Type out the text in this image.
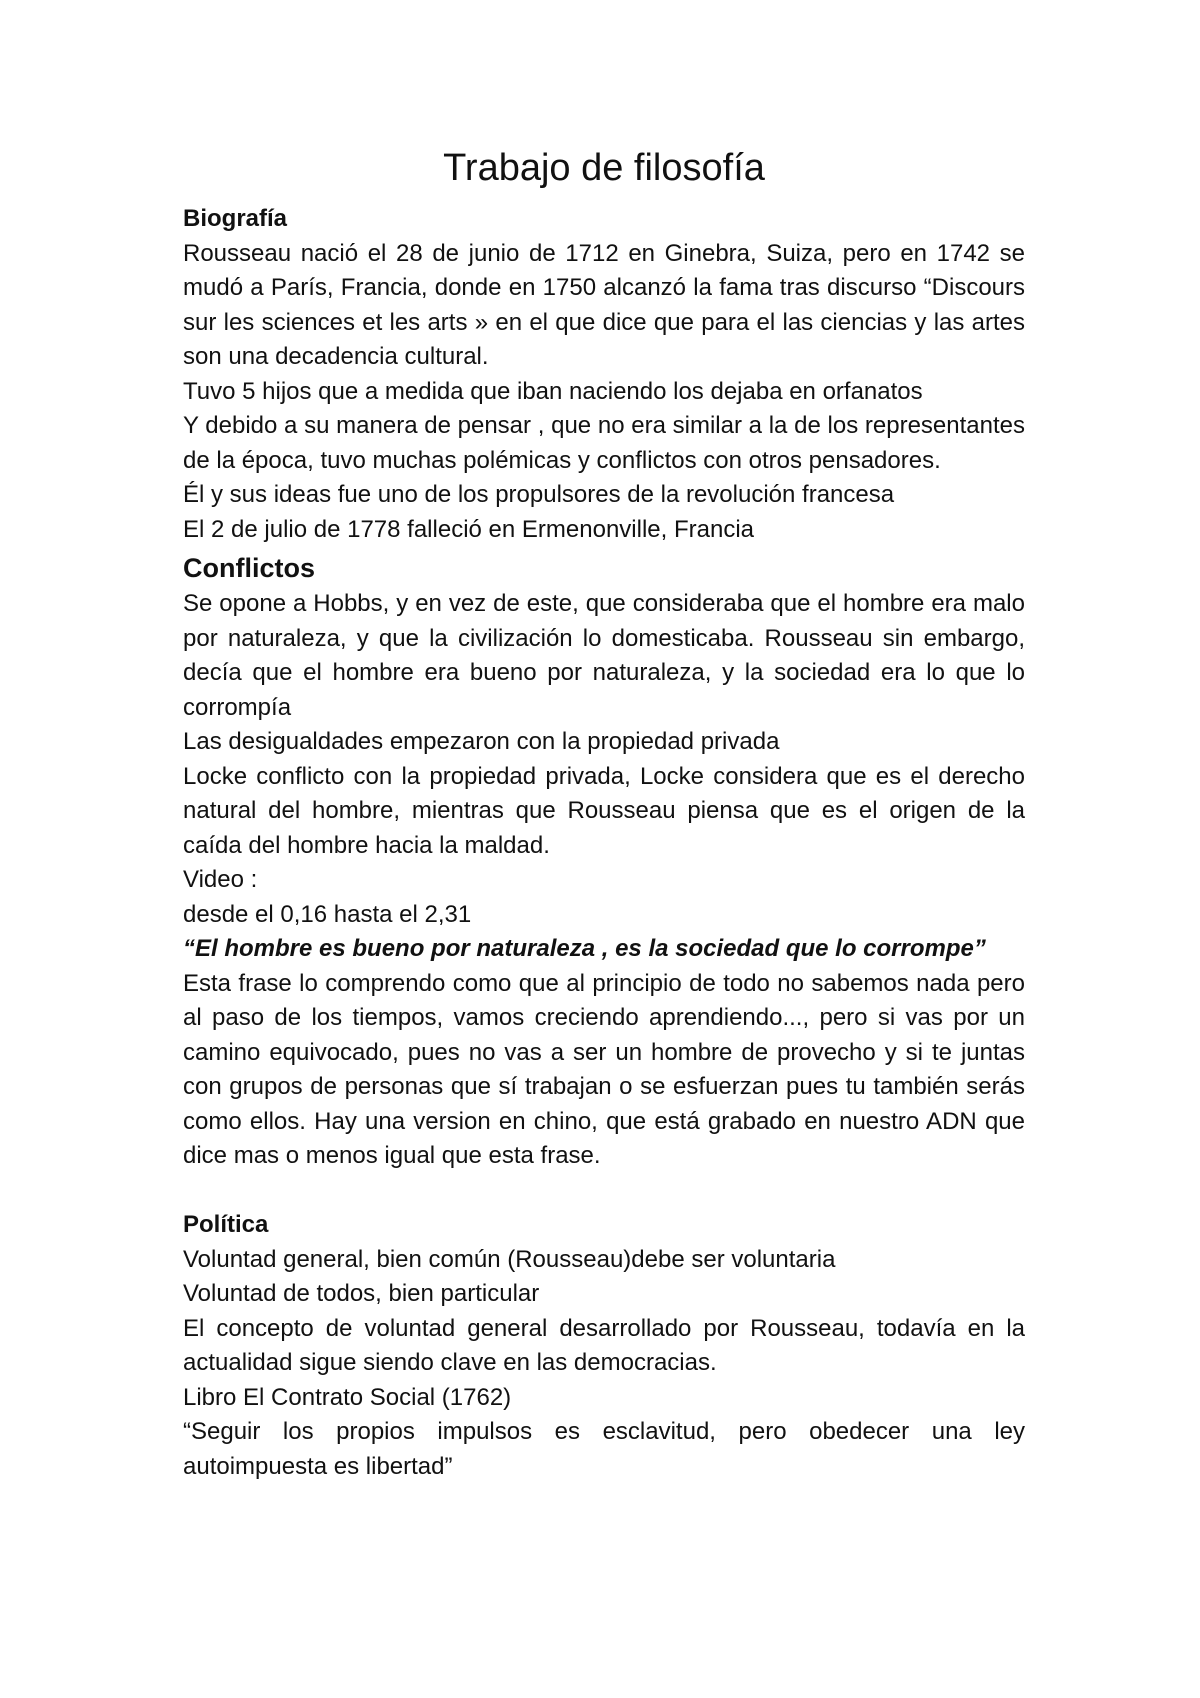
Trabajo de filosofía

Biografía

Rousseau nació el 28 de junio de 1712 en Ginebra, Suiza, pero en 1742 se mudó a París, Francia, donde en 1750 alcanzó la fama tras discurso “Discours sur les sciences et les arts » en el que dice que para el las ciencias y las artes son una decadencia cultural.

Tuvo 5 hijos que a medida que iban naciendo los dejaba en orfanatos

Y debido a su manera de pensar , que no era similar a la de los representantes de la época, tuvo muchas polémicas y conflictos con otros pensadores.

Él y sus ideas fue uno de los propulsores de la revolución francesa

El 2 de julio de 1778 falleció en Ermenonville, Francia

Conflictos

Se opone a Hobbs, y en vez de este, que consideraba que el hombre era malo por naturaleza, y que la civilización lo domesticaba. Rousseau sin embargo, decía que el hombre era bueno por naturaleza, y la sociedad era lo que lo corrompía

Las desigualdades empezaron con la propiedad privada

Locke conflicto con la propiedad privada, Locke considera que es el derecho natural del hombre, mientras que Rousseau piensa que es el origen de la caída del hombre hacia la maldad.

Video :

desde el 0,16 hasta el 2,31

“El hombre es bueno por naturaleza , es la sociedad que lo corrompe”

Esta frase lo comprendo como que al principio de todo no sabemos nada pero al paso de los tiempos, vamos creciendo aprendiendo..., pero si vas por un camino equivocado, pues no vas a ser un hombre de provecho y si te juntas con grupos de personas que sí trabajan o se esfuerzan pues tu también serás como ellos. Hay una version en chino, que está grabado en nuestro ADN que dice mas o menos igual que esta frase.

Política

Voluntad general, bien común (Rousseau)debe ser voluntaria

Voluntad de todos, bien particular

El concepto de voluntad general desarrollado por Rousseau, todavía en la actualidad sigue siendo clave en las democracias.

Libro El Contrato Social (1762)

“Seguir los propios impulsos es esclavitud, pero obedecer una ley autoimpuesta es libertad”
